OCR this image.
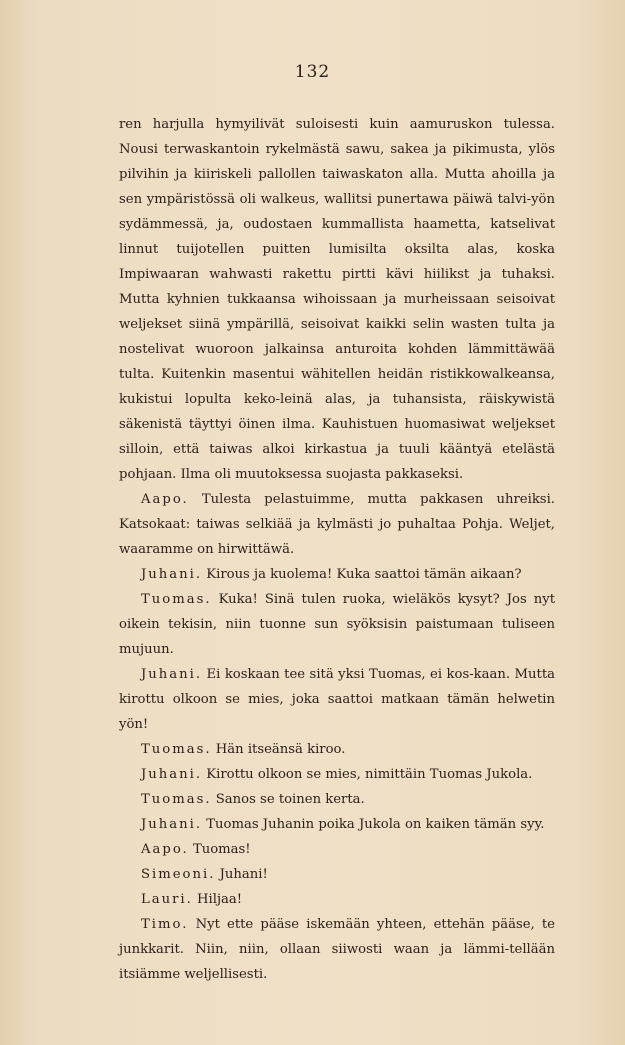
132

ren harjulla hymyilivät suloisesti kuin aamuruskon tulessa. Nousi terwaskantoin rykelmästä sawu, sakea ja pikimusta, ylös pilvihin ja kiiriskeli pallollen taiwaskaton alla. Mutta ahoilla ja sen ympäristössä oli walkeus, wallitsi punertawa päiwä talvi-yön sydämmessä, ja, oudostaen kummallista haametta, katselivat linnut tuijotellen puitten lumisilta oksilta alas, koska Impiwaaran wahwasti rakettu pirtti kävi hiilikst ja tuhaksi. Mutta kyhnien tukkaansa wihoissaan ja murheissaan seisoivat weljekset siinä ympärillä, seisoivat kaikki selin wasten tulta ja nostelivat wuoroon jalkainsa anturoita kohden lämmittäwää tulta. Kuitenkin masentui wähitellen heidän ristikkowalkeansa, kukistui lopulta keko-leinä alas, ja tuhansista, räiskywistä säkenistä täyttyi öinen ilma. Kauhistuen huomasiwat weljekset silloin, että taiwas alkoi kirkastua ja tuuli kääntyä etelästä pohjaan. Ilma oli muutoksessa suojasta pakkaseksi.

Aapo. Tulesta pelastuimme, mutta pakkasen uhreiksi. Katsokaat: taiwas selkiää ja kylmästi jo puhaltaa Pohja. Weljet, waaramme on hirwittäwä.

Juhani. Kirous ja kuolema! Kuka saattoi tämän aikaan?

Tuomas. Kuka! Sinä tulen ruoka, wieläkös kysyt? Jos nyt oikein tekisin, niin tuonne sun syöksisin paistumaan tuliseen mujuun.

Juhani. Ei koskaan tee sitä yksi Tuomas, ei kos-kaan. Mutta kirottu olkoon se mies, joka saattoi matkaan tämän helwetin yön!

Tuomas. Hän itseänsä kiroo.

Juhani. Kirottu olkoon se mies, nimittäin Tuomas Jukola.

Tuomas. Sanos se toinen kerta.

Juhani. Tuomas Juhanin poika Jukola on kaiken tämän syy.

Aapo. Tuomas!

Simeoni. Juhani!

Lauri. Hiljaa!

Timo. Nyt ette pääse iskemään yhteen, ettehän pääse, te junkkarit. Niin, niin, ollaan siiwosti waan ja lämmi-tellään itsiämme weljellisesti.
